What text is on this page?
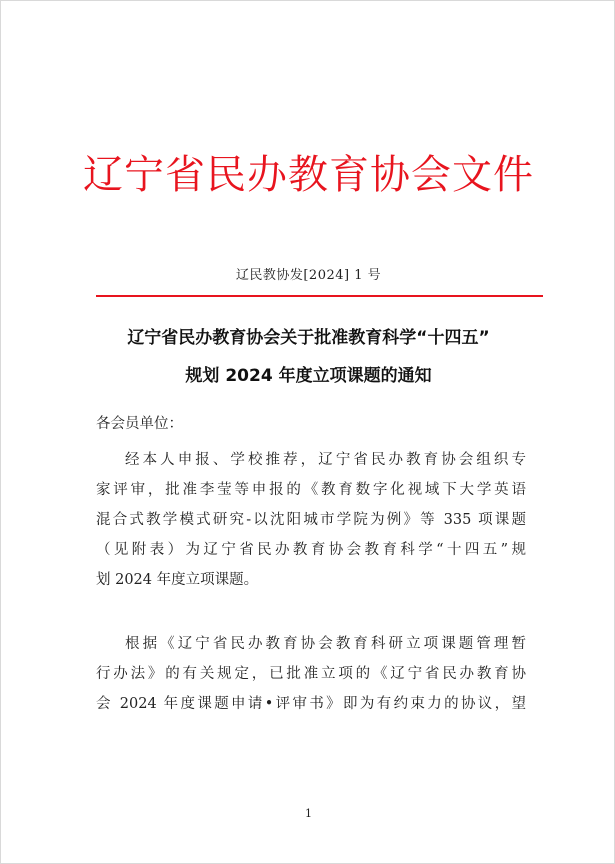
辽宁省民办教育协会文件
辽民教协发[2024] 1 号
辽宁省民办教育协会关于批准教育科学“十四五”
规划 2024 年度立项课题的通知
各会员单位：
经本人申报、学校推荐，辽宁省民办教育协会组织专
家评审，批准李莹等申报的《教育数字化视域下大学英语
混合式教学模式研究-以沈阳城市学院为例》等 335 项课题
（见附表）为辽宁省民办教育协会教育科学“十四五”规
划 2024 年度立项课题。
根据《辽宁省民办教育协会教育科研立项课题管理暂
行办法》的有关规定，已批准立项的《辽宁省民办教育协
会 2024 年度课题申请•评审书》即为有约束力的协议，望
1
